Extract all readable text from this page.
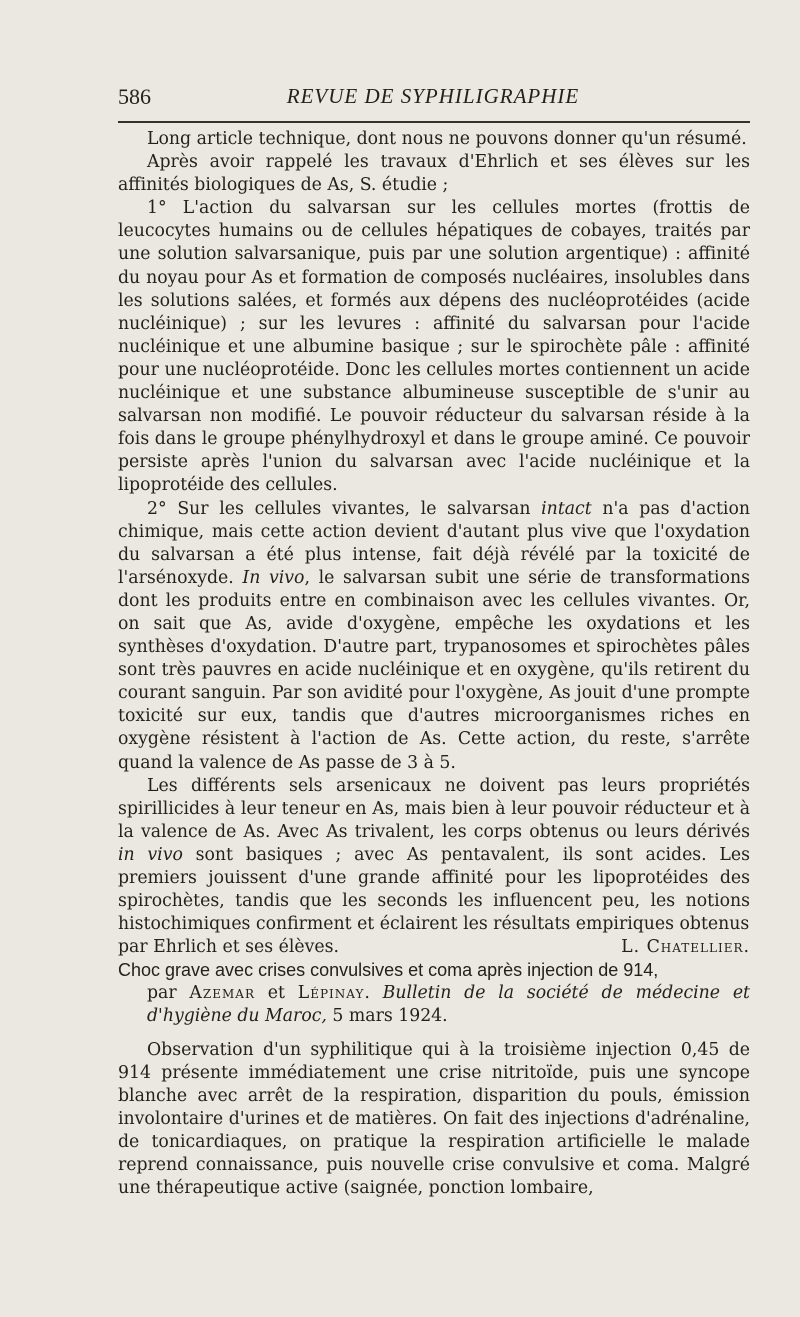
586	REVUE DE SYPHILIGRAPHIE

Long article technique, dont nous ne pouvons donner qu'un résumé.

Après avoir rappelé les travaux d'Ehrlich et ses élèves sur les affinités biologiques de As, S. étudie ;

1° L'action du salvarsan sur les cellules mortes (frottis de leucocytes humains ou de cellules hépatiques de cobayes, traités par une solution salvarsanique, puis par une solution argentique) : affinité du noyau pour As et formation de composés nucléaires, insolubles dans les solutions salées, et formés aux dépens des nucléoprotéides (acide nucléinique) ; sur les levures : affinité du salvarsan pour l'acide nucléinique et une albumine basique ; sur le spirochète pâle : affinité pour une nucléoprotéide. Donc les cellules mortes contiennent un acide nucléinique et une substance albumineuse susceptible de s'unir au salvarsan non modifié. Le pouvoir réducteur du salvarsan réside à la fois dans le groupe phénylhydroxyl et dans le groupe aminé. Ce pouvoir persiste après l'union du salvarsan avec l'acide nucléinique et la lipoprotéide des cellules.

2° Sur les cellules vivantes, le salvarsan intact n'a pas d'action chimique, mais cette action devient d'autant plus vive que l'oxydation du salvarsan a été plus intense, fait déjà révélé par la toxicité de l'arsénoxyde. In vivo, le salvarsan subit une série de transformations dont les produits entre en combinaison avec les cellules vivantes. Or, on sait que As, avide d'oxygène, empêche les oxydations et les synthèses d'oxydation. D'autre part, trypanosomes et spirochètes pâles sont très pauvres en acide nucléinique et en oxygène, qu'ils retirent du courant sanguin. Par son avidité pour l'oxygène, As jouit d'une prompte toxicité sur eux, tandis que d'autres microorganismes riches en oxygène résistent à l'action de As. Cette action, du reste, s'arrête quand la valence de As passe de 3 à 5.

Les différents sels arsenicaux ne doivent pas leurs propriétés spirillicides à leur teneur en As, mais bien à leur pouvoir réducteur et à la valence de As. Avec As trivalent, les corps obtenus ou leurs dérivés in vivo sont basiques ; avec As pentavalent, ils sont acides. Les premiers jouissent d'une grande affinité pour les lipoprotéides des spirochètes, tandis que les seconds les influencent peu, les notions histochimiques confirment et éclairent les résultats empiriques obtenus

par Ehrlich et ses élèves.	L. Chatellier.

Choc grave avec crises convulsives et coma après injection de 914,

par Azemar et Lépinay. Bulletin de la société de médecine et d'hygiène du Maroc, 5 mars 1924.

Observation d'un syphilitique qui à la troisième injection 0,45 de 914 présente immédiatement une crise nitritoïde, puis une syncope blanche avec arrêt de la respiration, disparition du pouls, émission involontaire d'urines et de matières. On fait des injections d'adrénaline, de tonicardiaques, on pratique la respiration artificielle le malade reprend connaissance, puis nouvelle crise convulsive et coma. Malgré une thérapeutique active (saignée, ponction lombaire,
